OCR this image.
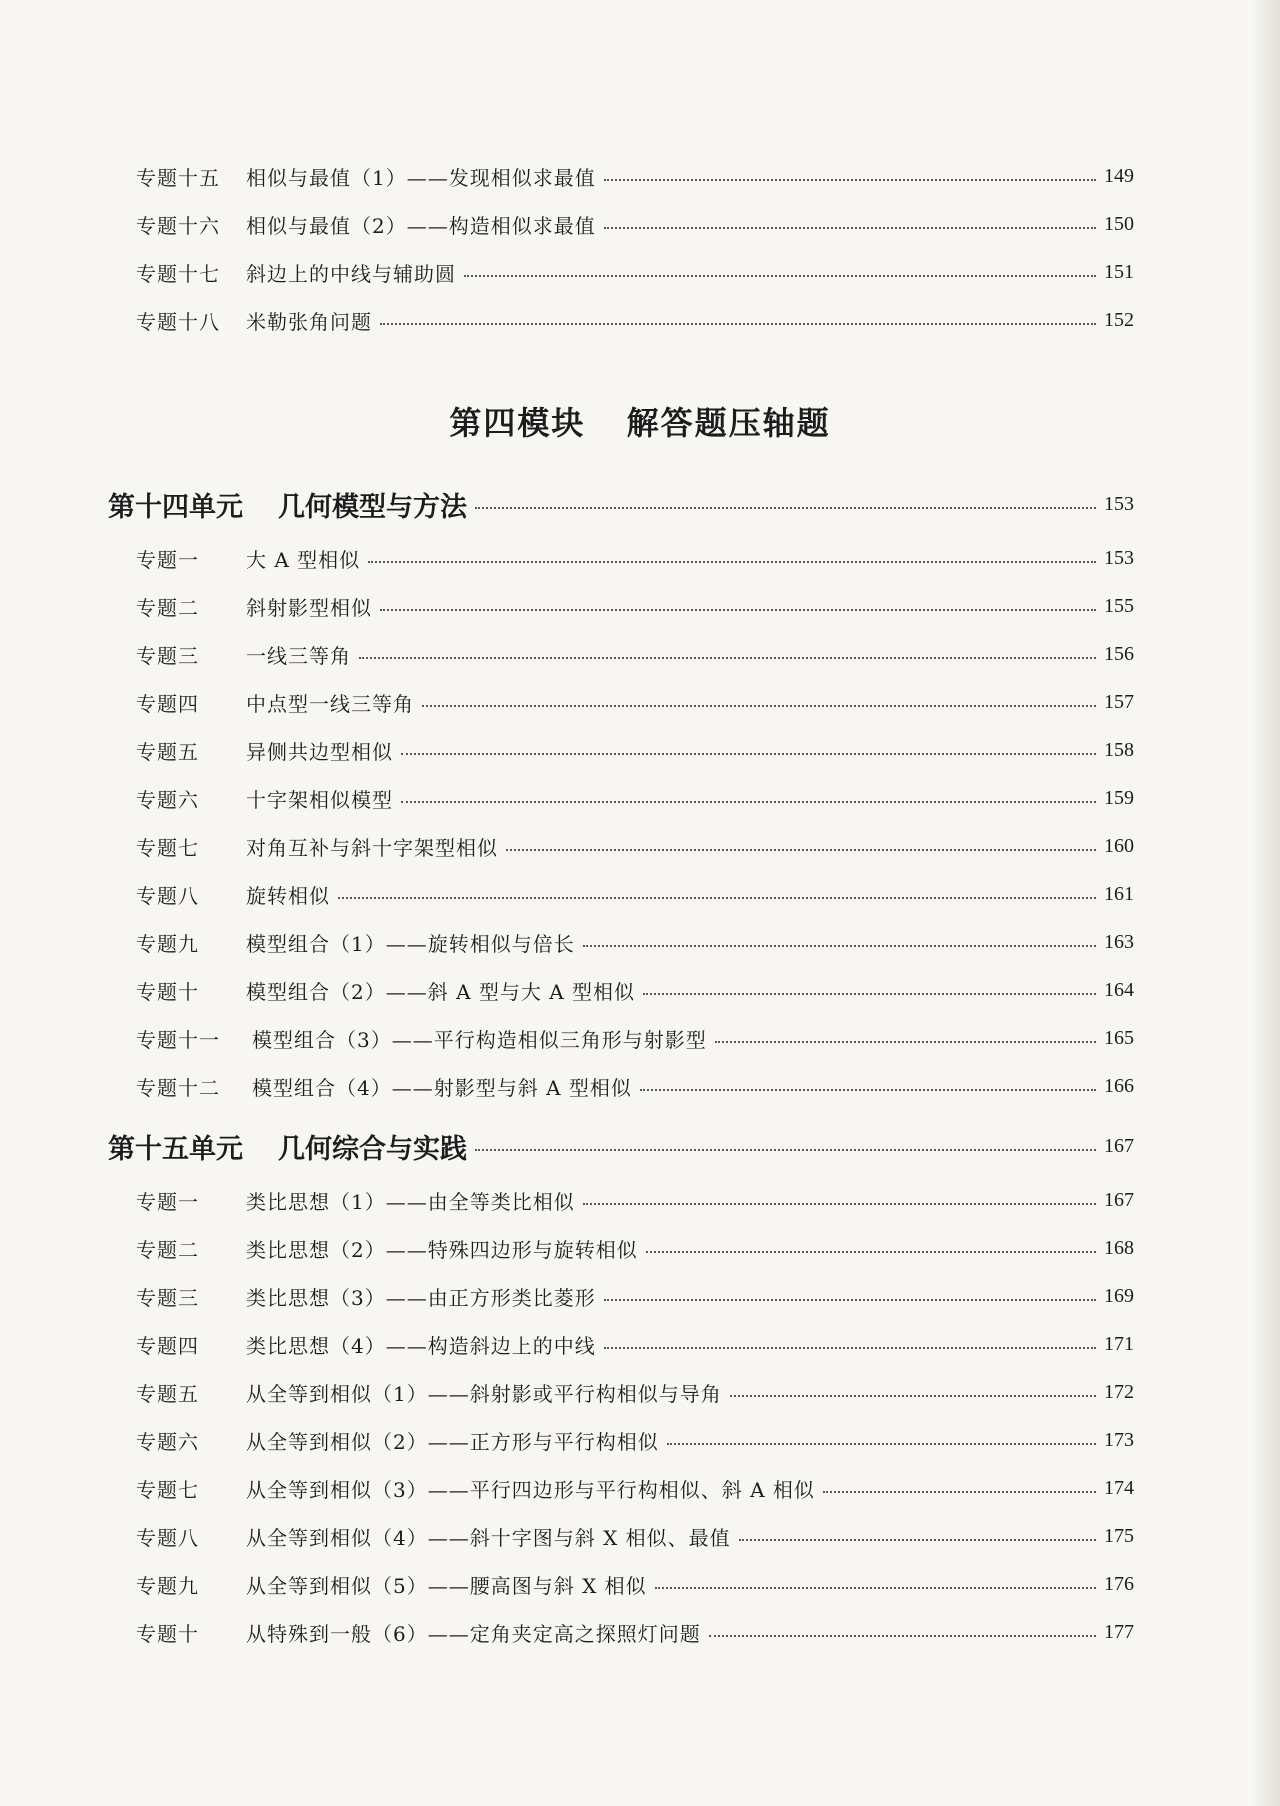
专题十五	相似与最值（1）——发现相似求最值	149
专题十六	相似与最值（2）——构造相似求最值	150
专题十七	斜边上的中线与辅助圆	151
专题十八	米勒张角问题	152
第四模块 解答题压轴题
第十四单元	几何模型与方法	153
专题一	大 A 型相似	153
专题二	斜射影型相似	155
专题三	一线三等角	156
专题四	中点型一线三等角	157
专题五	异侧共边型相似	158
专题六	十字架相似模型	159
专题七	对角互补与斜十字架型相似	160
专题八	旋转相似	161
专题九	模型组合（1）——旋转相似与倍长	163
专题十	模型组合（2）——斜 A 型与大 A 型相似	164
专题十一	模型组合（3）——平行构造相似三角形与射影型	165
专题十二	模型组合（4）——射影型与斜 A 型相似	166
第十五单元	几何综合与实践	167
专题一	类比思想（1）——由全等类比相似	167
专题二	类比思想（2）——特殊四边形与旋转相似	168
专题三	类比思想（3）——由正方形类比菱形	169
专题四	类比思想（4）——构造斜边上的中线	171
专题五	从全等到相似（1）——斜射影或平行构相似与导角	172
专题六	从全等到相似（2）——正方形与平行构相似	173
专题七	从全等到相似（3）——平行四边形与平行构相似、斜 A 相似	174
专题八	从全等到相似（4）——斜十字图与斜 X 相似、最值	175
专题九	从全等到相似（5）——腰高图与斜 X 相似	176
专题十	从特殊到一般（6）——定角夹定高之探照灯问题	177
